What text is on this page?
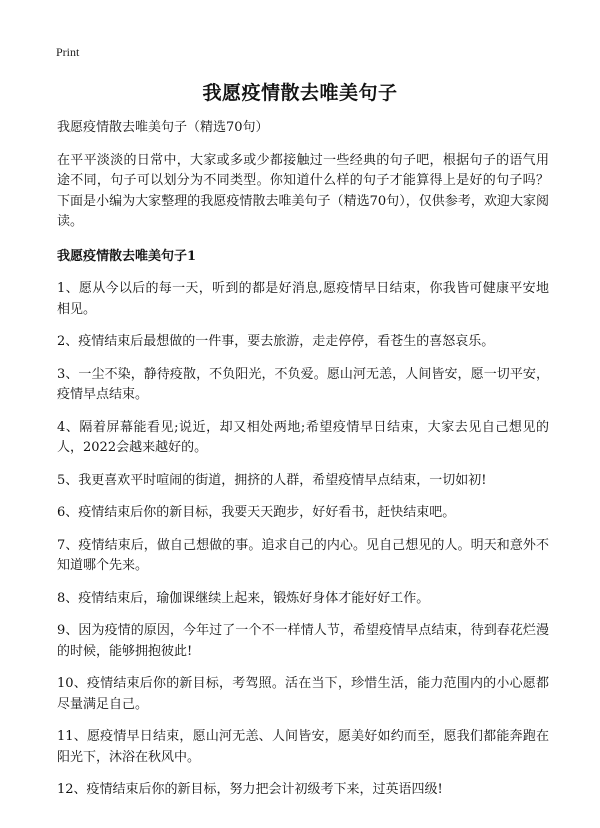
Print
我愿疫情散去唯美句子

我愿疫情散去唯美句子（精选70句）

在平平淡淡的日常中，大家或多或少都接触过一些经典的句子吧，根据句子的语气用途不同，句子可以划分为不同类型。你知道什么样的句子才能算得上是好的句子吗？下面是小编为大家整理的我愿疫情散去唯美句子（精选70句），仅供参考，欢迎大家阅读。

我愿疫情散去唯美句子1

1、愿从今以后的每一天，听到的都是好消息,愿疫情早日结束，你我皆可健康平安地相见。

2、疫情结束后最想做的一件事，要去旅游，走走停停，看苍生的喜怒哀乐。

3、一尘不染，静待疫散，不负阳光，不负爱。愿山河无恙，人间皆安，愿一切平安，疫情早点结束。

4、隔着屏幕能看见;说近，却又相处两地;希望疫情早日结束，大家去见自己想见的人，2022会越来越好的。

5、我更喜欢平时喧闹的街道，拥挤的人群，希望疫情早点结束，一切如初!

6、疫情结束后你的新目标，我要天天跑步，好好看书，赶快结束吧。

7、疫情结束后，做自己想做的事。追求自己的内心。见自己想见的人。明天和意外不知道哪个先来。

8、疫情结束后，瑜伽课继续上起来，锻炼好身体才能好好工作。

9、因为疫情的原因，今年过了一个不一样情人节，希望疫情早点结束，待到春花烂漫的时候，能够拥抱彼此!

10、疫情结束后你的新目标，考驾照。活在当下，珍惜生活，能力范围内的小心愿都尽量满足自己。

11、愿疫情早日结束，愿山河无恙、人间皆安，愿美好如约而至，愿我们都能奔跑在阳光下，沐浴在秋风中。

12、疫情结束后你的新目标，努力把会计初级考下来，过英语四级!
